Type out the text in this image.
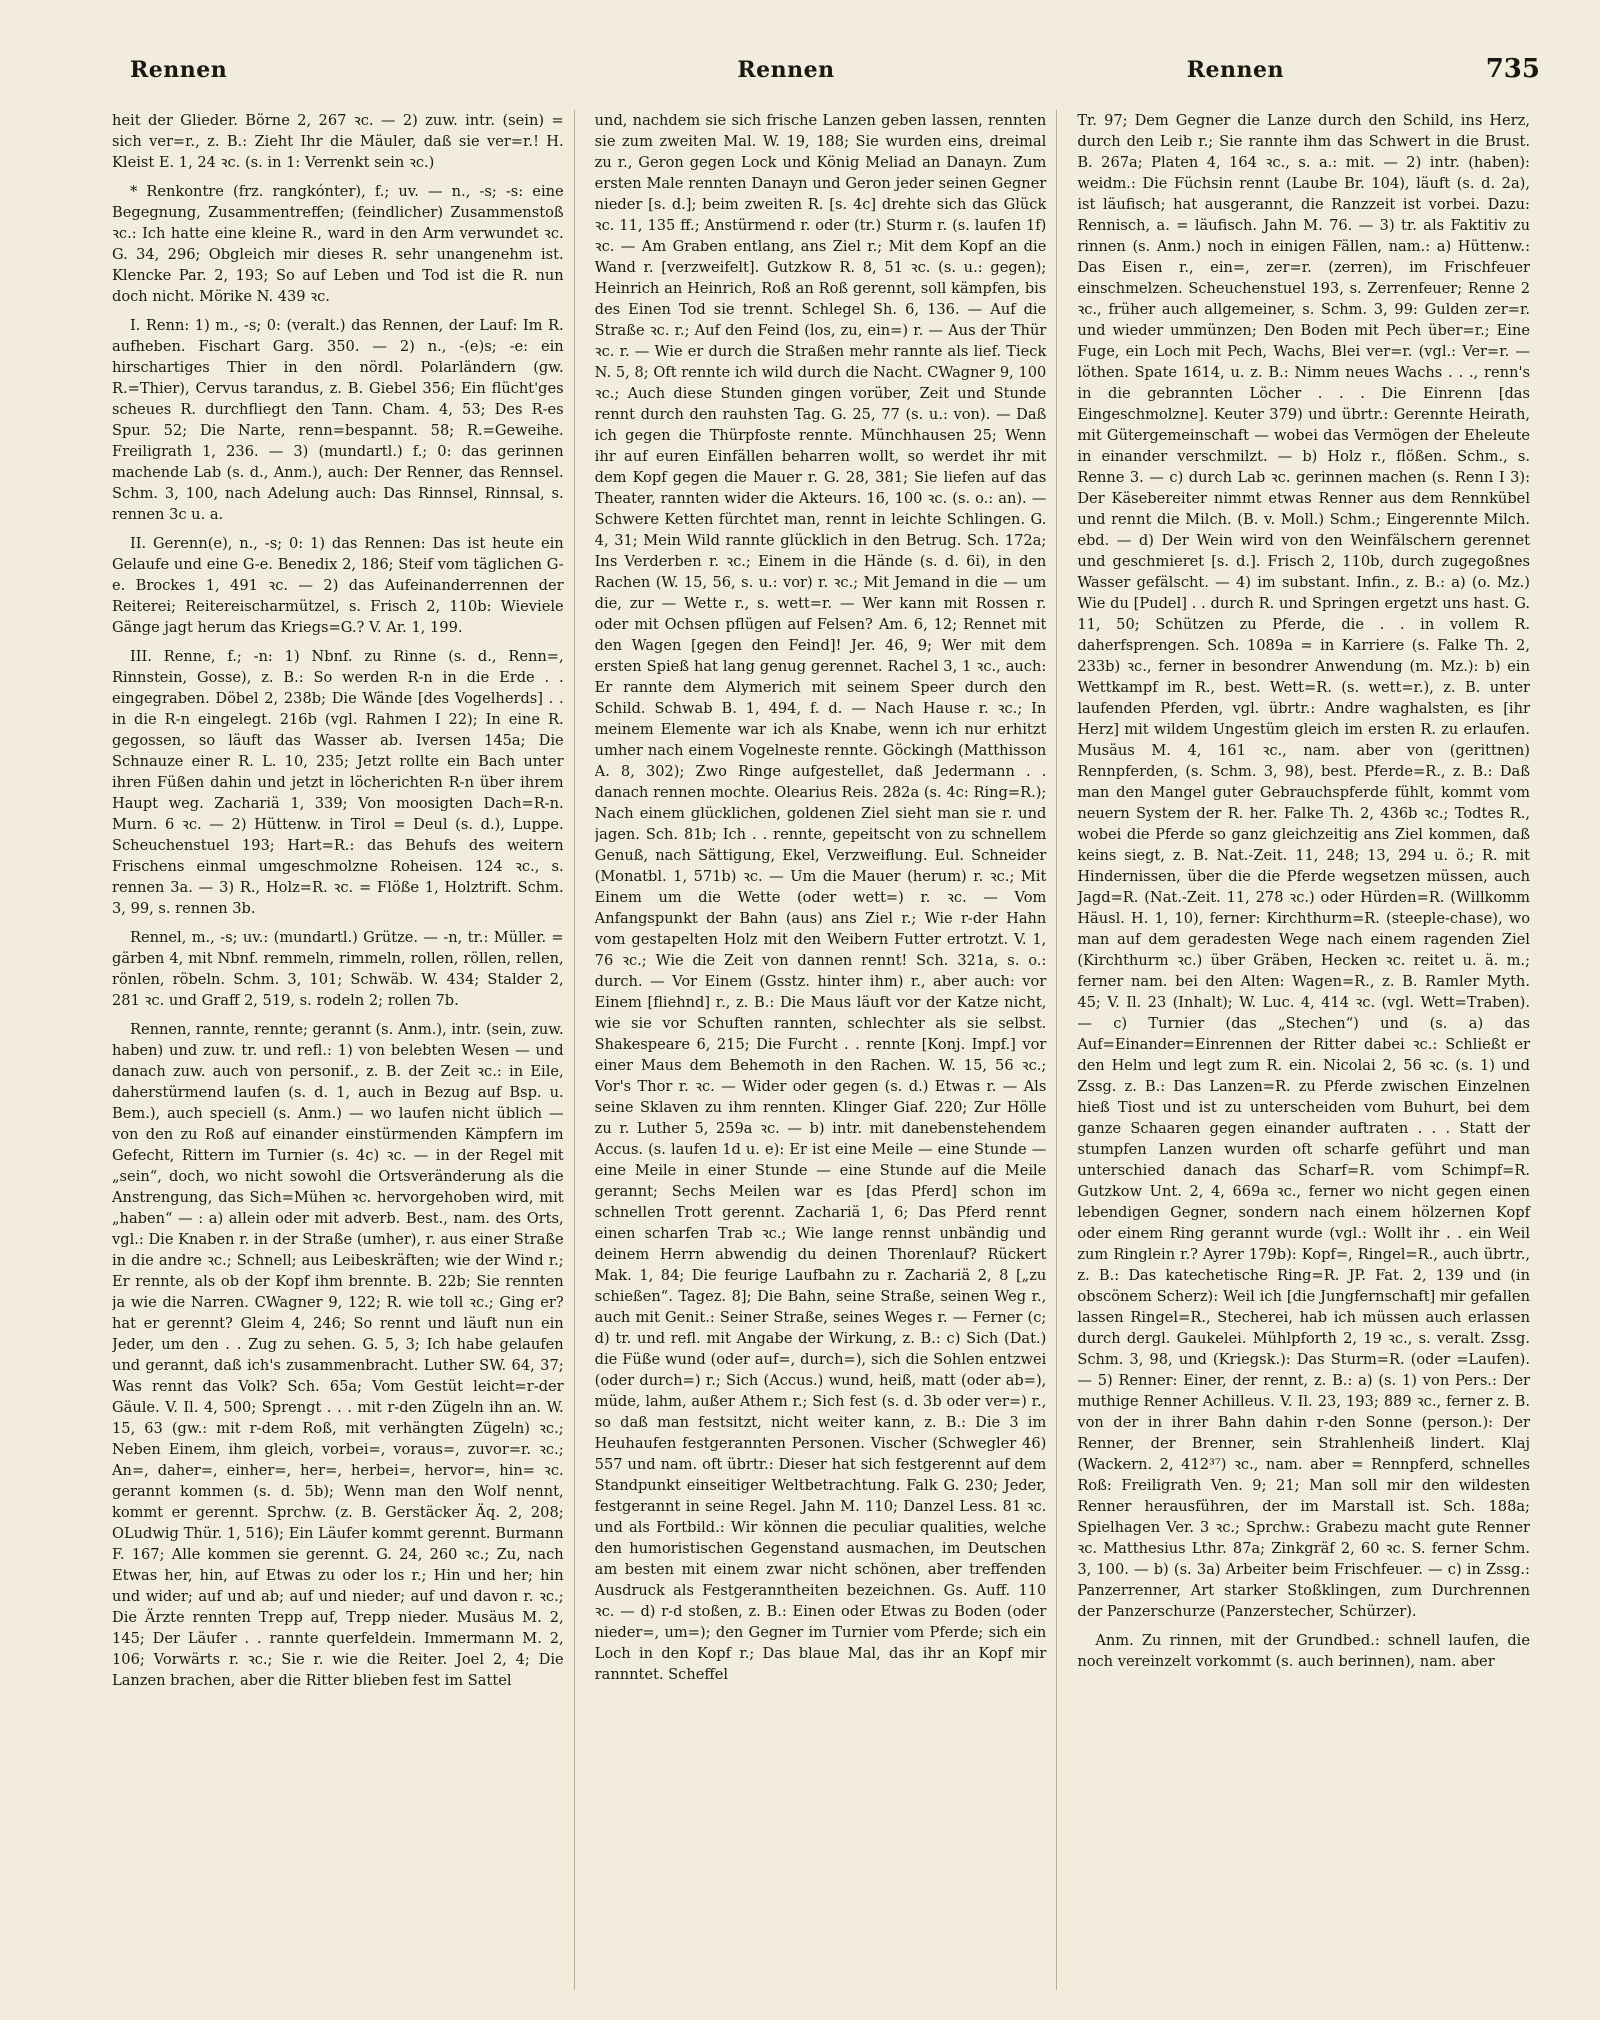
Rennen	Rennen	Rennen	735

heit der Glieder. Börne 2, 267 ꝛc. — 2) zuw. intr. (sein) = sich ver=r., z. B.: Zieht Ihr die Mäuler, daß sie ver=r.! H. Kleist E. 1, 24 ꝛc. (s. in 1: Verrenkt sein ꝛc.)

* Renkontre (frz. rangkónter), f.; uv. — n., -s; -s: eine Begegnung, Zusammentreffen; (feindlicher) Zusammenstoß ꝛc.: Ich hatte eine kleine R., ward in den Arm verwundet ꝛc. G. 34, 296; Obgleich mir dieses R. sehr unangenehm ist. Klencke Par. 2, 193; So auf Leben und Tod ist die R. nun doch nicht. Mörike N. 439 ꝛc.

I. Renn: 1) m., -s; 0: (veralt.) das Rennen, der Lauf: Im R. aufheben. Fischart Garg. 350. — 2) n., -(e)s; -e: ein hirschartiges Thier in den nördl. Polarländern (gw. R.=Thier), Cervus tarandus, z. B. Giebel 356; Ein flücht'ges scheues R. durchfliegt den Tann. Cham. 4, 53; Des R-es Spur. 52; Die Narte, renn=bespannt. 58; R.=Geweihe. Freiligrath 1, 236. — 3) (mundartl.) f.; 0: das gerinnen machende Lab (s. d., Anm.), auch: Der Renner, das Rennsel. Schm. 3, 100, nach Adelung auch: Das Rinnsel, Rinnsal, s. rennen 3c u. a.

II. Gerenn(e), n., -s; 0: 1) das Rennen: Das ist heute ein Gelaufe und eine G-e. Benedix 2, 186; Steif vom täglichen G-e. Brockes 1, 491 ꝛc. — 2) das Aufeinanderrennen der Reiterei; Reitereischarmützel, s. Frisch 2, 110b: Wieviele Gänge jagt herum das Kriegs=G.? V. Ar. 1, 199.

III. Renne, f.; -n: 1) Nbnf. zu Rinne (s. d., Renn=, Rinnstein, Gosse), z. B.: So werden R-n in die Erde . . eingegraben. Döbel 2, 238b; Die Wände [des Vogelherds] . . in die R-n eingelegt. 216b (vgl. Rahmen I 22); In eine R. gegossen, so läuft das Wasser ab. Iversen 145a; Die Schnauze einer R. L. 10, 235; Jetzt rollte ein Bach unter ihren Füßen dahin und jetzt in löcherichten R-n über ihrem Haupt weg. Zachariä 1, 339; Von moosigten Dach=R-n. Murn. 6 ꝛc. — 2) Hüttenw. in Tirol = Deul (s. d.), Luppe. Scheuchenstuel 193; Hart=R.: das Behufs des weitern Frischens einmal umgeschmolzne Roheisen. 124 ꝛc., s. rennen 3a. — 3) R., Holz=R. ꝛc. = Flöße 1, Holztrift. Schm. 3, 99, s. rennen 3b.

Rennel, m., -s; uv.: (mundartl.) Grütze. — -n, tr.: Müller. = gärben 4, mit Nbnf. remmeln, rimmeln, rollen, röllen, rellen, rönlen, röbeln. Schm. 3, 101; Schwäb. W. 434; Stalder 2, 281 ꝛc. und Graff 2, 519, s. rodeln 2; rollen 7b.

Rennen, rannte, rennte; gerannt (s. Anm.), intr. (sein, zuw. haben) und zuw. tr. und refl.: 1) von belebten Wesen — und danach zuw. auch von personif., z. B. der Zeit ꝛc.: in Eile, daherstürmend laufen (s. d. 1, auch in Bezug auf Bsp. u. Bem.), auch speciell (s. Anm.) — wo laufen nicht üblich — von den zu Roß auf einander einstürmenden Kämpfern im Gefecht, Rittern im Turnier (s. 4c) ꝛc. — in der Regel mit „sein“, doch, wo nicht sowohl die Ortsveränderung als die Anstrengung, das Sich=Mühen ꝛc. hervorgehoben wird, mit „haben“ — : a) allein oder mit adverb. Best., nam. des Orts, vgl.: Die Knaben r. in der Straße (umher), r. aus einer Straße in die andre ꝛc.; Schnell; aus Leibeskräften; wie der Wind r.; Er rennte, als ob der Kopf ihm brennte. B. 22b; Sie rennten ja wie die Narren. CWagner 9, 122; R. wie toll ꝛc.; Ging er? hat er gerennt? Gleim 4, 246; So rennt und läuft nun ein Jeder, um den . . Zug zu sehen. G. 5, 3; Ich habe gelaufen und gerannt, daß ich's zusammenbracht. Luther SW. 64, 37; Was rennt das Volk? Sch. 65a; Vom Gestüt leicht=r-der Gäule. V. Il. 4, 500; Sprengt . . . mit r-den Zügeln ihn an. W. 15, 63 (gw.: mit r-dem Roß, mit verhängten Zügeln) ꝛc.; Neben Einem, ihm gleich, vorbei=, voraus=, zuvor=r. ꝛc.; An=, daher=, einher=, her=, herbei=, hervor=, hin= ꝛc. gerannt kommen (s. d. 5b); Wenn man den Wolf nennt, kommt er gerennt. Sprchw. (z. B. Gerstäcker Äq. 2, 208; OLudwig Thür. 1, 516); Ein Läufer kommt gerennt. Burmann F. 167; Alle kommen sie gerennt. G. 24, 260 ꝛc.; Zu, nach Etwas her, hin, auf Etwas zu oder los r.; Hin und her; hin und wider; auf und ab; auf und nieder; auf und davon r. ꝛc.; Die Ärzte rennten Trepp auf, Trepp nieder. Musäus M. 2, 145; Der Läufer . . rannte querfeldein. Immermann M. 2, 106; Vorwärts r. ꝛc.; Sie r. wie die Reiter. Joel 2, 4; Die Lanzen brachen, aber die Ritter blieben fest im Sattel

und, nachdem sie sich frische Lanzen geben lassen, rennten sie zum zweiten Mal. W. 19, 188; Sie wurden eins, dreimal zu r., Geron gegen Lock und König Meliad an Danayn. Zum ersten Male rennten Danayn und Geron jeder seinen Gegner nieder [s. d.]; beim zweiten R. [s. 4c] drehte sich das Glück ꝛc. 11, 135 ff.; Anstürmend r. oder (tr.) Sturm r. (s. laufen 1f) ꝛc. — Am Graben entlang, ans Ziel r.; Mit dem Kopf an die Wand r. [verzweifelt]. Gutzkow R. 8, 51 ꝛc. (s. u.: gegen); Heinrich an Heinrich, Roß an Roß gerennt, soll kämpfen, bis des Einen Tod sie trennt. Schlegel Sh. 6, 136. — Auf die Straße ꝛc. r.; Auf den Feind (los, zu, ein=) r. — Aus der Thür ꝛc. r. — Wie er durch die Straßen mehr rannte als lief. Tieck N. 5, 8; Oft rennte ich wild durch die Nacht. CWagner 9, 100 ꝛc.; Auch diese Stunden gingen vorüber, Zeit und Stunde rennt durch den rauhsten Tag. G. 25, 77 (s. u.: von). — Daß ich gegen die Thürpfoste rennte. Münchhausen 25; Wenn ihr auf euren Einfällen beharren wollt, so werdet ihr mit dem Kopf gegen die Mauer r. G. 28, 381; Sie liefen auf das Theater, rannten wider die Akteurs. 16, 100 ꝛc. (s. o.: an). — Schwere Ketten fürchtet man, rennt in leichte Schlingen. G. 4, 31; Mein Wild rannte glücklich in den Betrug. Sch. 172a; Ins Verderben r. ꝛc.; Einem in die Hände (s. d. 6i), in den Rachen (W. 15, 56, s. u.: vor) r. ꝛc.; Mit Jemand in die — um die, zur — Wette r., s. wett=r. — Wer kann mit Rossen r. oder mit Ochsen pflügen auf Felsen? Am. 6, 12; Rennet mit den Wagen [gegen den Feind]! Jer. 46, 9; Wer mit dem ersten Spieß hat lang genug gerennet. Rachel 3, 1 ꝛc., auch: Er rannte dem Alymerich mit seinem Speer durch den Schild. Schwab B. 1, 494, f. d. — Nach Hause r. ꝛc.; In meinem Elemente war ich als Knabe, wenn ich nur erhitzt umher nach einem Vogelneste rennte. Göckingh (Matthisson A. 8, 302); Zwo Ringe aufgestellet, daß Jedermann . . danach rennen mochte. Olearius Reis. 282a (s. 4c: Ring=R.); Nach einem glücklichen, goldenen Ziel sieht man sie r. und jagen. Sch. 81b; Ich . . rennte, gepeitscht von zu schnellem Genuß, nach Sättigung, Ekel, Verzweiflung. Eul. Schneider (Monatbl. 1, 571b) ꝛc. — Um die Mauer (herum) r. ꝛc.; Mit Einem um die Wette (oder wett=) r. ꝛc. — Vom Anfangspunkt der Bahn (aus) ans Ziel r.; Wie r-der Hahn vom gestapelten Holz mit den Weibern Futter ertrotzt. V. 1, 76 ꝛc.; Wie die Zeit von dannen rennt! Sch. 321a, s. o.: durch. — Vor Einem (Gsstz. hinter ihm) r., aber auch: vor Einem [fliehnd] r., z. B.: Die Maus läuft vor der Katze nicht, wie sie vor Schuften rannten, schlechter als sie selbst. Shakespeare 6, 215; Die Furcht . . rennte [Konj. Impf.] vor einer Maus dem Behemoth in den Rachen. W. 15, 56 ꝛc.; Vor's Thor r. ꝛc. — Wider oder gegen (s. d.) Etwas r. — Als seine Sklaven zu ihm rennten. Klinger Giaf. 220; Zur Hölle zu r. Luther 5, 259a ꝛc. — b) intr. mit danebenstehendem Accus. (s. laufen 1d u. e): Er ist eine Meile — eine Stunde — eine Meile in einer Stunde — eine Stunde auf die Meile gerannt; Sechs Meilen war es [das Pferd] schon im schnellen Trott gerennt. Zachariä 1, 6; Das Pferd rennt einen scharfen Trab ꝛc.; Wie lange rennst unbändig und deinem Herrn abwendig du deinen Thorenlauf? Rückert Mak. 1, 84; Die feurige Laufbahn zu r. Zachariä 2, 8 [„zu schießen“. Tagez. 8]; Die Bahn, seine Straße, seinen Weg r., auch mit Genit.: Seiner Straße, seines Weges r. — Ferner (c; d) tr. und refl. mit Angabe der Wirkung, z. B.: c) Sich (Dat.) die Füße wund (oder auf=, durch=), sich die Sohlen entzwei (oder durch=) r.; Sich (Accus.) wund, heiß, matt (oder ab=), müde, lahm, außer Athem r.; Sich fest (s. d. 3b oder ver=) r., so daß man festsitzt, nicht weiter kann, z. B.: Die 3 im Heuhaufen festgerannten Personen. Vischer (Schwegler 46) 557 und nam. oft übrtr.: Dieser hat sich festgerennt auf dem Standpunkt einseitiger Weltbetrachtung. Falk G. 230; Jeder, festgerannt in seine Regel. Jahn M. 110; Danzel Less. 81 ꝛc. und als Fortbild.: Wir können die peculiar qualities, welche den humoristischen Gegenstand ausmachen, im Deutschen am besten mit einem zwar nicht schönen, aber treffenden Ausdruck als Festgeranntheiten bezeichnen. Gs. Auff. 110 ꝛc. — d) r-d stoßen, z. B.: Einen oder Etwas zu Boden (oder nieder=, um=); den Gegner im Turnier vom Pferde; sich ein Loch in den Kopf r.; Das blaue Mal, das ihr an Kopf mir rannntet. Scheffel

Tr. 97; Dem Gegner die Lanze durch den Schild, ins Herz, durch den Leib r.; Sie rannte ihm das Schwert in die Brust. B. 267a; Platen 4, 164 ꝛc., s. a.: mit. — 2) intr. (haben): weidm.: Die Füchsin rennt (Laube Br. 104), läuft (s. d. 2a), ist läufisch; hat ausgerannt, die Ranzzeit ist vorbei. Dazu: Rennisch, a. = läufisch. Jahn M. 76. — 3) tr. als Faktitiv zu rinnen (s. Anm.) noch in einigen Fällen, nam.: a) Hüttenw.: Das Eisen r., ein=, zer=r. (zerren), im Frischfeuer einschmelzen. Scheuchenstuel 193, s. Zerrenfeuer; Renne 2 ꝛc., früher auch allgemeiner, s. Schm. 3, 99: Gulden zer=r. und wieder ummünzen; Den Boden mit Pech über=r.; Eine Fuge, ein Loch mit Pech, Wachs, Blei ver=r. (vgl.: Ver=r. — löthen. Spate 1614, u. z. B.: Nimm neues Wachs . . ., renn's in die gebrannten Löcher . . . Die Einrenn [das Eingeschmolzne]. Keuter 379) und übrtr.: Gerennte Heirath, mit Gütergemeinschaft — wobei das Vermögen der Eheleute in einander verschmilzt. — b) Holz r., flößen. Schm., s. Renne 3. — c) durch Lab ꝛc. gerinnen machen (s. Renn I 3): Der Käsebereiter nimmt etwas Renner aus dem Rennkübel und rennt die Milch. (B. v. Moll.) Schm.; Eingerennte Milch. ebd. — d) Der Wein wird von den Weinfälschern gerennet und geschmieret [s. d.]. Frisch 2, 110b, durch zugegoßnes Wasser gefälscht. — 4) im substant. Infin., z. B.: a) (o. Mz.) Wie du [Pudel] . . durch R. und Springen ergetzt uns hast. G. 11, 50; Schützen zu Pferde, die . . in vollem R. daherfsprengen. Sch. 1089a = in Karriere (s. Falke Th. 2, 233b) ꝛc., ferner in besondrer Anwendung (m. Mz.): b) ein Wettkampf im R., best. Wett=R. (s. wett=r.), z. B. unter laufenden Pferden, vgl. übrtr.: Andre waghalsten, es [ihr Herz] mit wildem Ungestüm gleich im ersten R. zu erlaufen. Musäus M. 4, 161 ꝛc., nam. aber von (gerittnen) Rennpferden, (s. Schm. 3, 98), best. Pferde=R., z. B.: Daß man den Mangel guter Gebrauchspferde fühlt, kommt vom neuern System der R. her. Falke Th. 2, 436b ꝛc.; Todtes R., wobei die Pferde so ganz gleichzeitig ans Ziel kommen, daß keins siegt, z. B. Nat.-Zeit. 11, 248; 13, 294 u. ö.; R. mit Hindernissen, über die die Pferde wegsetzen müssen, auch Jagd=R. (Nat.-Zeit. 11, 278 ꝛc.) oder Hürden=R. (Willkomm Häusl. H. 1, 10), ferner: Kirchthurm=R. (steeple-chase), wo man auf dem geradesten Wege nach einem ragenden Ziel (Kirchthurm ꝛc.) über Gräben, Hecken ꝛc. reitet u. ä. m.; ferner nam. bei den Alten: Wagen=R., z. B. Ramler Myth. 45; V. Il. 23 (Inhalt); W. Luc. 4, 414 ꝛc. (vgl. Wett=Traben). — c) Turnier (das „Stechen“) und (s. a) das Auf=Einander=Einrennen der Ritter dabei ꝛc.: Schließt er den Helm und legt zum R. ein. Nicolai 2, 56 ꝛc. (s. 1) und Zssg. z. B.: Das Lanzen=R. zu Pferde zwischen Einzelnen hieß Tiost und ist zu unterscheiden vom Buhurt, bei dem ganze Schaaren gegen einander auftraten . . . Statt der stumpfen Lanzen wurden oft scharfe geführt und man unterschied danach das Scharf=R. vom Schimpf=R. Gutzkow Unt. 2, 4, 669a ꝛc., ferner wo nicht gegen einen lebendigen Gegner, sondern nach einem hölzernen Kopf oder einem Ring gerannt wurde (vgl.: Wollt ihr . . ein Weil zum Ringlein r.? Ayrer 179b): Kopf=, Ringel=R., auch übrtr., z. B.: Das katechetische Ring=R. JP. Fat. 2, 139 und (in obscönem Scherz): Weil ich [die Jungfernschaft] mir gefallen lassen Ringel=R., Stecherei, hab ich müssen auch erlassen durch dergl. Gaukelei. Mühlpforth 2, 19 ꝛc., s. veralt. Zssg. Schm. 3, 98, und (Kriegsk.): Das Sturm=R. (oder =Laufen). — 5) Renner: Einer, der rennt, z. B.: a) (s. 1) von Pers.: Der muthige Renner Achilleus. V. Il. 23, 193; 889 ꝛc., ferner z. B. von der in ihrer Bahn dahin r-den Sonne (person.): Der Renner, der Brenner, sein Strahlenheiß lindert. Klaj (Wackern. 2, 412³⁷) ꝛc., nam. aber = Rennpferd, schnelles Roß: Freiligrath Ven. 9; 21; Man soll mir den wildesten Renner herausführen, der im Marstall ist. Sch. 188a; Spielhagen Ver. 3 ꝛc.; Sprchw.: Grabezu macht gute Renner ꝛc. Matthesius Lthr. 87a; Zinkgräf 2, 60 ꝛc. S. ferner Schm. 3, 100. — b) (s. 3a) Arbeiter beim Frischfeuer. — c) in Zssg.: Panzerrenner, Art starker Stoßklingen, zum Durchrennen der Panzerschurze (Panzerstecher, Schürzer).

Anm. Zu rinnen, mit der Grundbed.: schnell laufen, die noch vereinzelt vorkommt (s. auch berinnen), nam. aber
